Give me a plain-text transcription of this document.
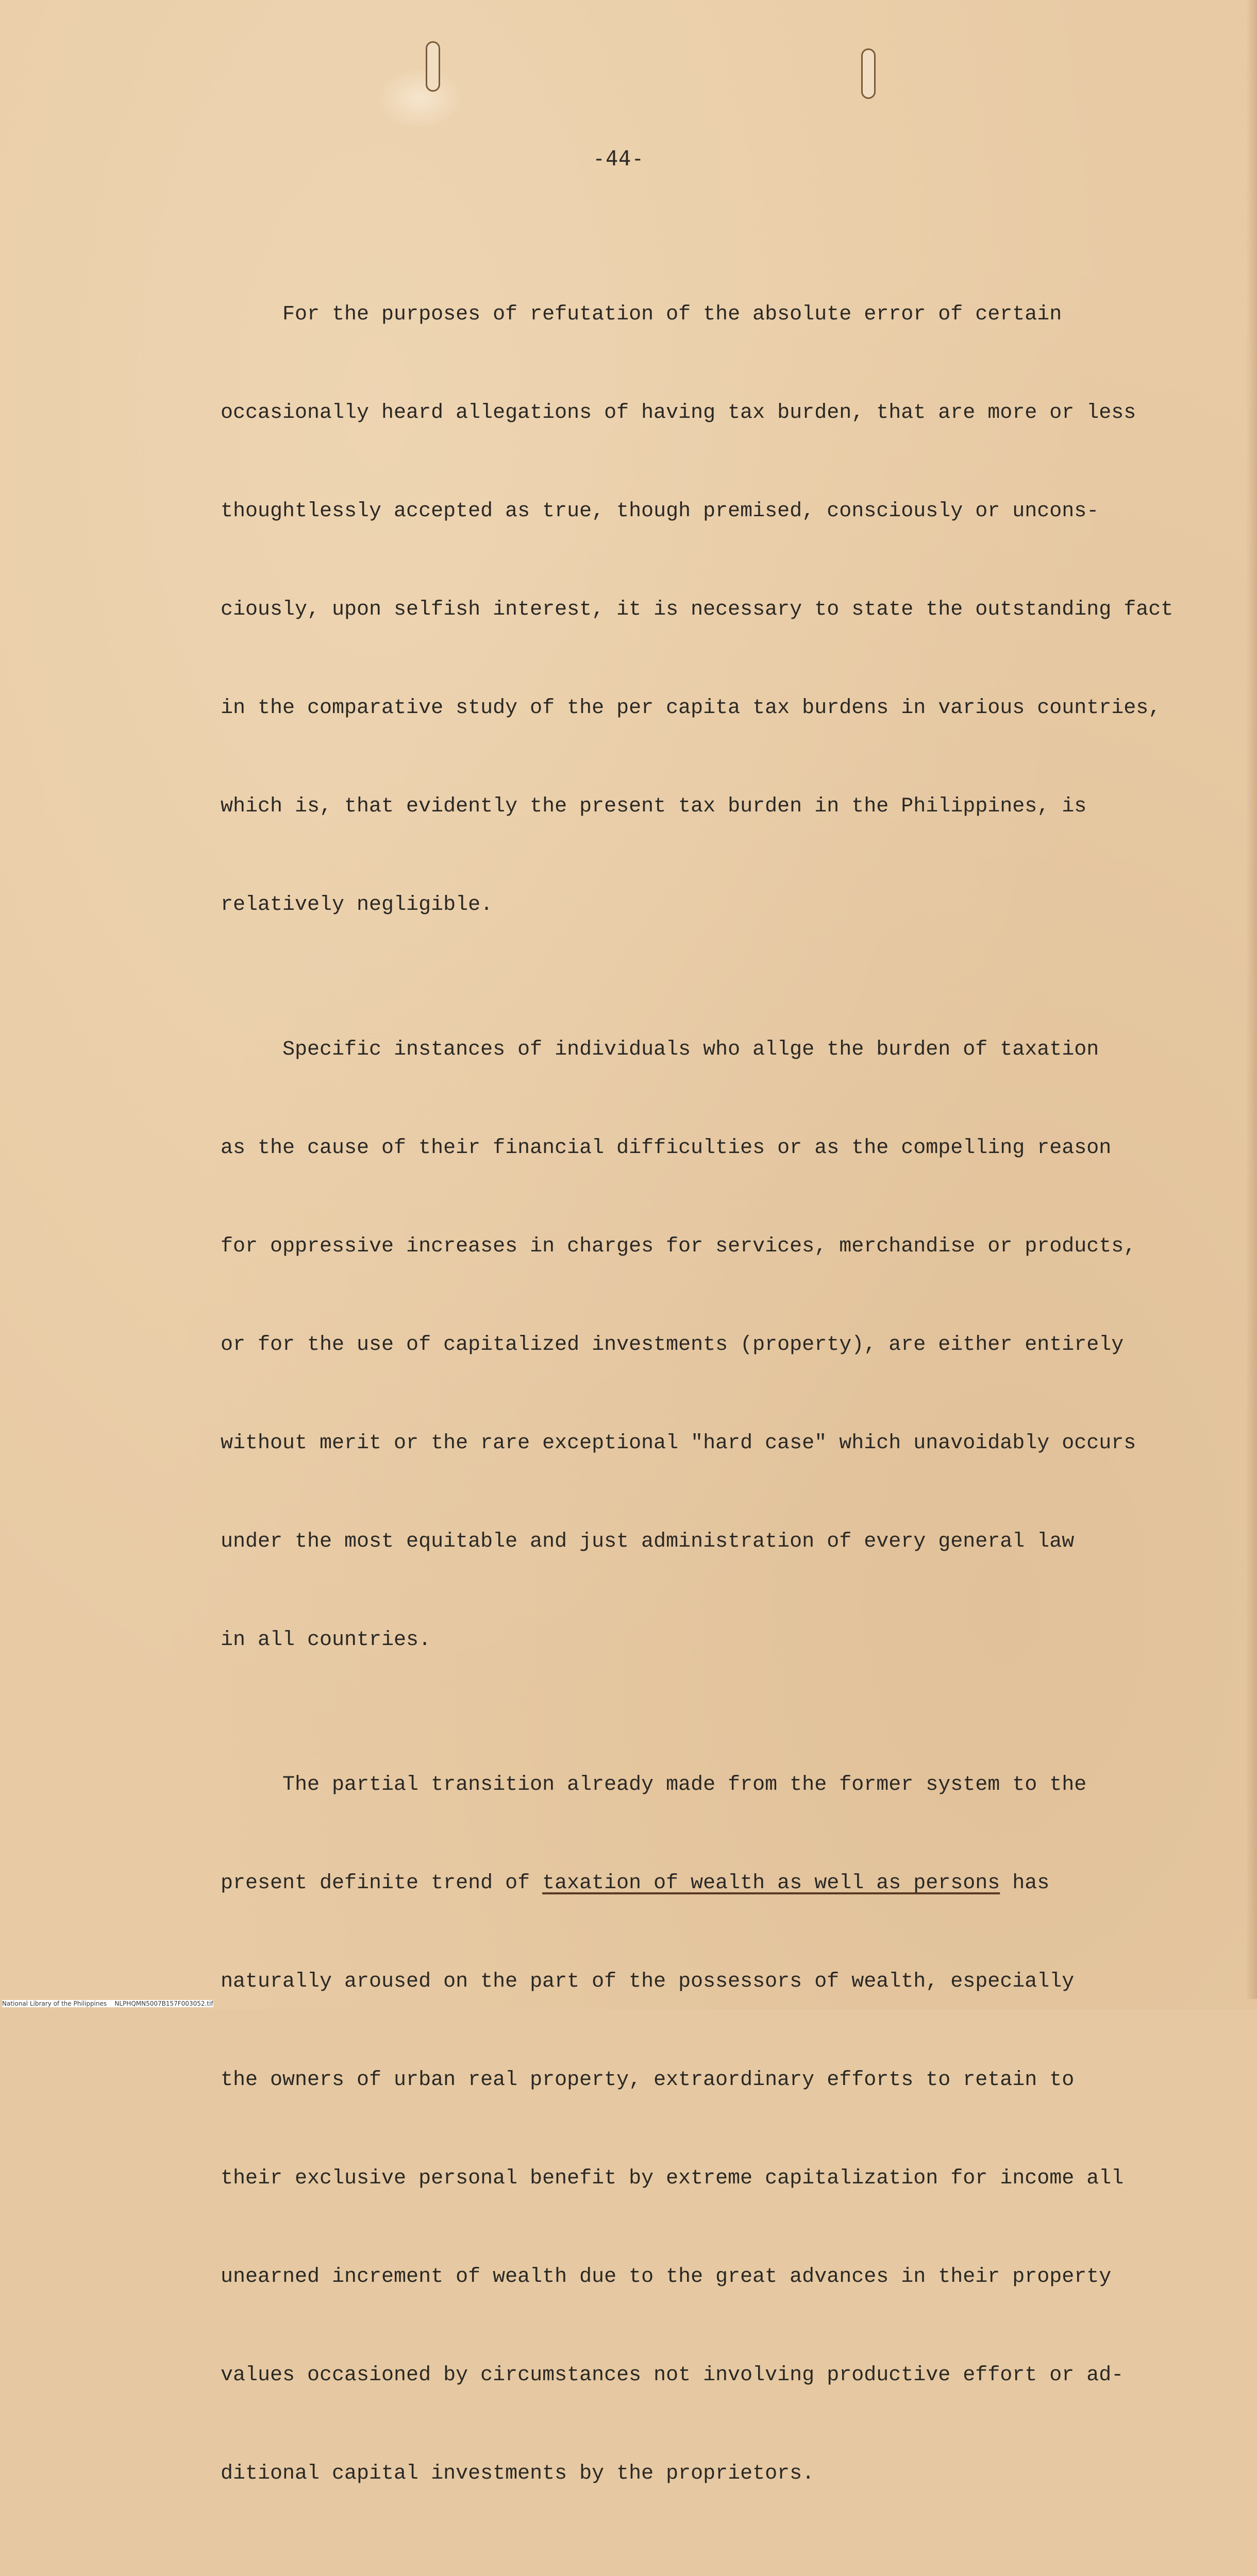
-44-

For the purposes of refutation of the absolute error of certain

occasionally heard allegations of having tax burden, that are more or less

thoughtlessly accepted as true, though premised, consciously or uncons-

ciously, upon selfish interest, it is necessary to state the outstanding fact

in the comparative study of the per capita tax burdens in various countries,

which is, that evidently the present tax burden in the Philippines, is

relatively negligible.

Specific instances of individuals who allge the burden of taxation

as the cause of their financial difficulties or as the compelling reason

for oppressive increases in charges for services, merchandise or products,

or for the use of capitalized investments (property), are either entirely

without merit or the rare exceptional "hard case" which unavoidably occurs

under the most equitable and just administration of every general law

in all countries.

The partial transition already made from the former system to the

present definite trend of taxation of wealth as well as persons has

naturally aroused on the part of the possessors of wealth, especially

the owners of urban real property, extraordinary efforts to retain to

their exclusive personal benefit by extreme capitalization for income all

unearned increment of wealth due to the great advances in their property

values occasioned by circumstances not involving productive effort or ad-

ditional capital investments by the proprietors.

National Library of the Philippines    NLPHQMN5007B157F003052.tif
